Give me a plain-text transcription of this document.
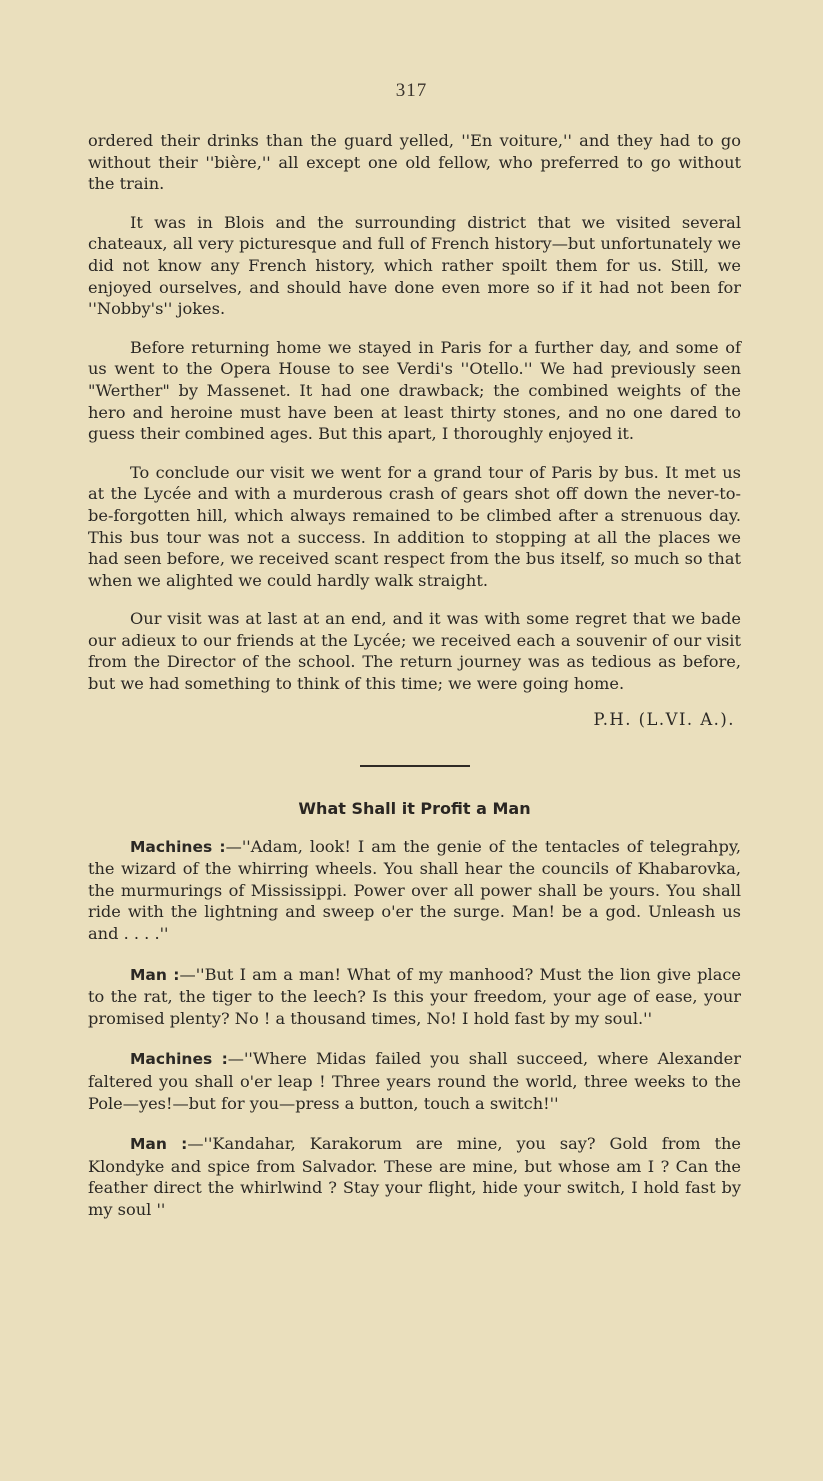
317

ordered their drinks than the guard yelled, ''En voiture,'' and they had to go without their ''bière,'' all except one old fellow, who preferred to go without the train.

It was in Blois and the surrounding district that we visited several chateaux, all very picturesque and full of French history—but unfortunately we did not know any French history, which rather spoilt them for us. Still, we enjoyed ourselves, and should have done even more so if it had not been for ''Nobby's'' jokes.

Before returning home we stayed in Paris for a further day, and some of us went to the Opera House to see Verdi's ''Otello.'' We had previously seen "Werther" by Massenet. It had one drawback; the combined weights of the hero and heroine must have been at least thirty stones, and no one dared to guess their combined ages. But this apart, I thoroughly enjoyed it.

To conclude our visit we went for a grand tour of Paris by bus. It met us at the Lycée and with a murderous crash of gears shot off down the never-to-be-forgotten hill, which always remained to be climbed after a strenuous day. This bus tour was not a success. In addition to stopping at all the places we had seen before, we received scant respect from the bus itself, so much so that when we alighted we could hardly walk straight.

Our visit was at last at an end, and it was with some regret that we bade our adieux to our friends at the Lycée; we received each a souvenir of our visit from the Director of the school. The return journey was as tedious as before, but we had something to think of this time; we were going home.

P.H. (L.VI. A.).
What Shall it Profit a Man

Machines :—''Adam, look! I am the genie of the tentacles of telegrahpy, the wizard of the whirring wheels. You shall hear the councils of Khabarovka, the murmurings of Mississippi. Power over all power shall be yours. You shall ride with the lightning and sweep o'er the surge. Man! be a god. Unleash us and . . . .''

Man :—''But I am a man! What of my manhood? Must the lion give place to the rat, the tiger to the leech? Is this your freedom, your age of ease, your promised plenty? No ! a thousand times, No! I hold fast by my soul.''

Machines :—''Where Midas failed you shall succeed, where Alexander faltered you shall o'er leap ! Three years round the world, three weeks to the Pole—yes!—but for you—press a button, touch a switch!''

Man :—''Kandahar, Karakorum are mine, you say? Gold from the Klondyke and spice from Salvador. These are mine, but whose am I ? Can the feather direct the whirlwind ? Stay your flight, hide your switch, I hold fast by my soul ''
